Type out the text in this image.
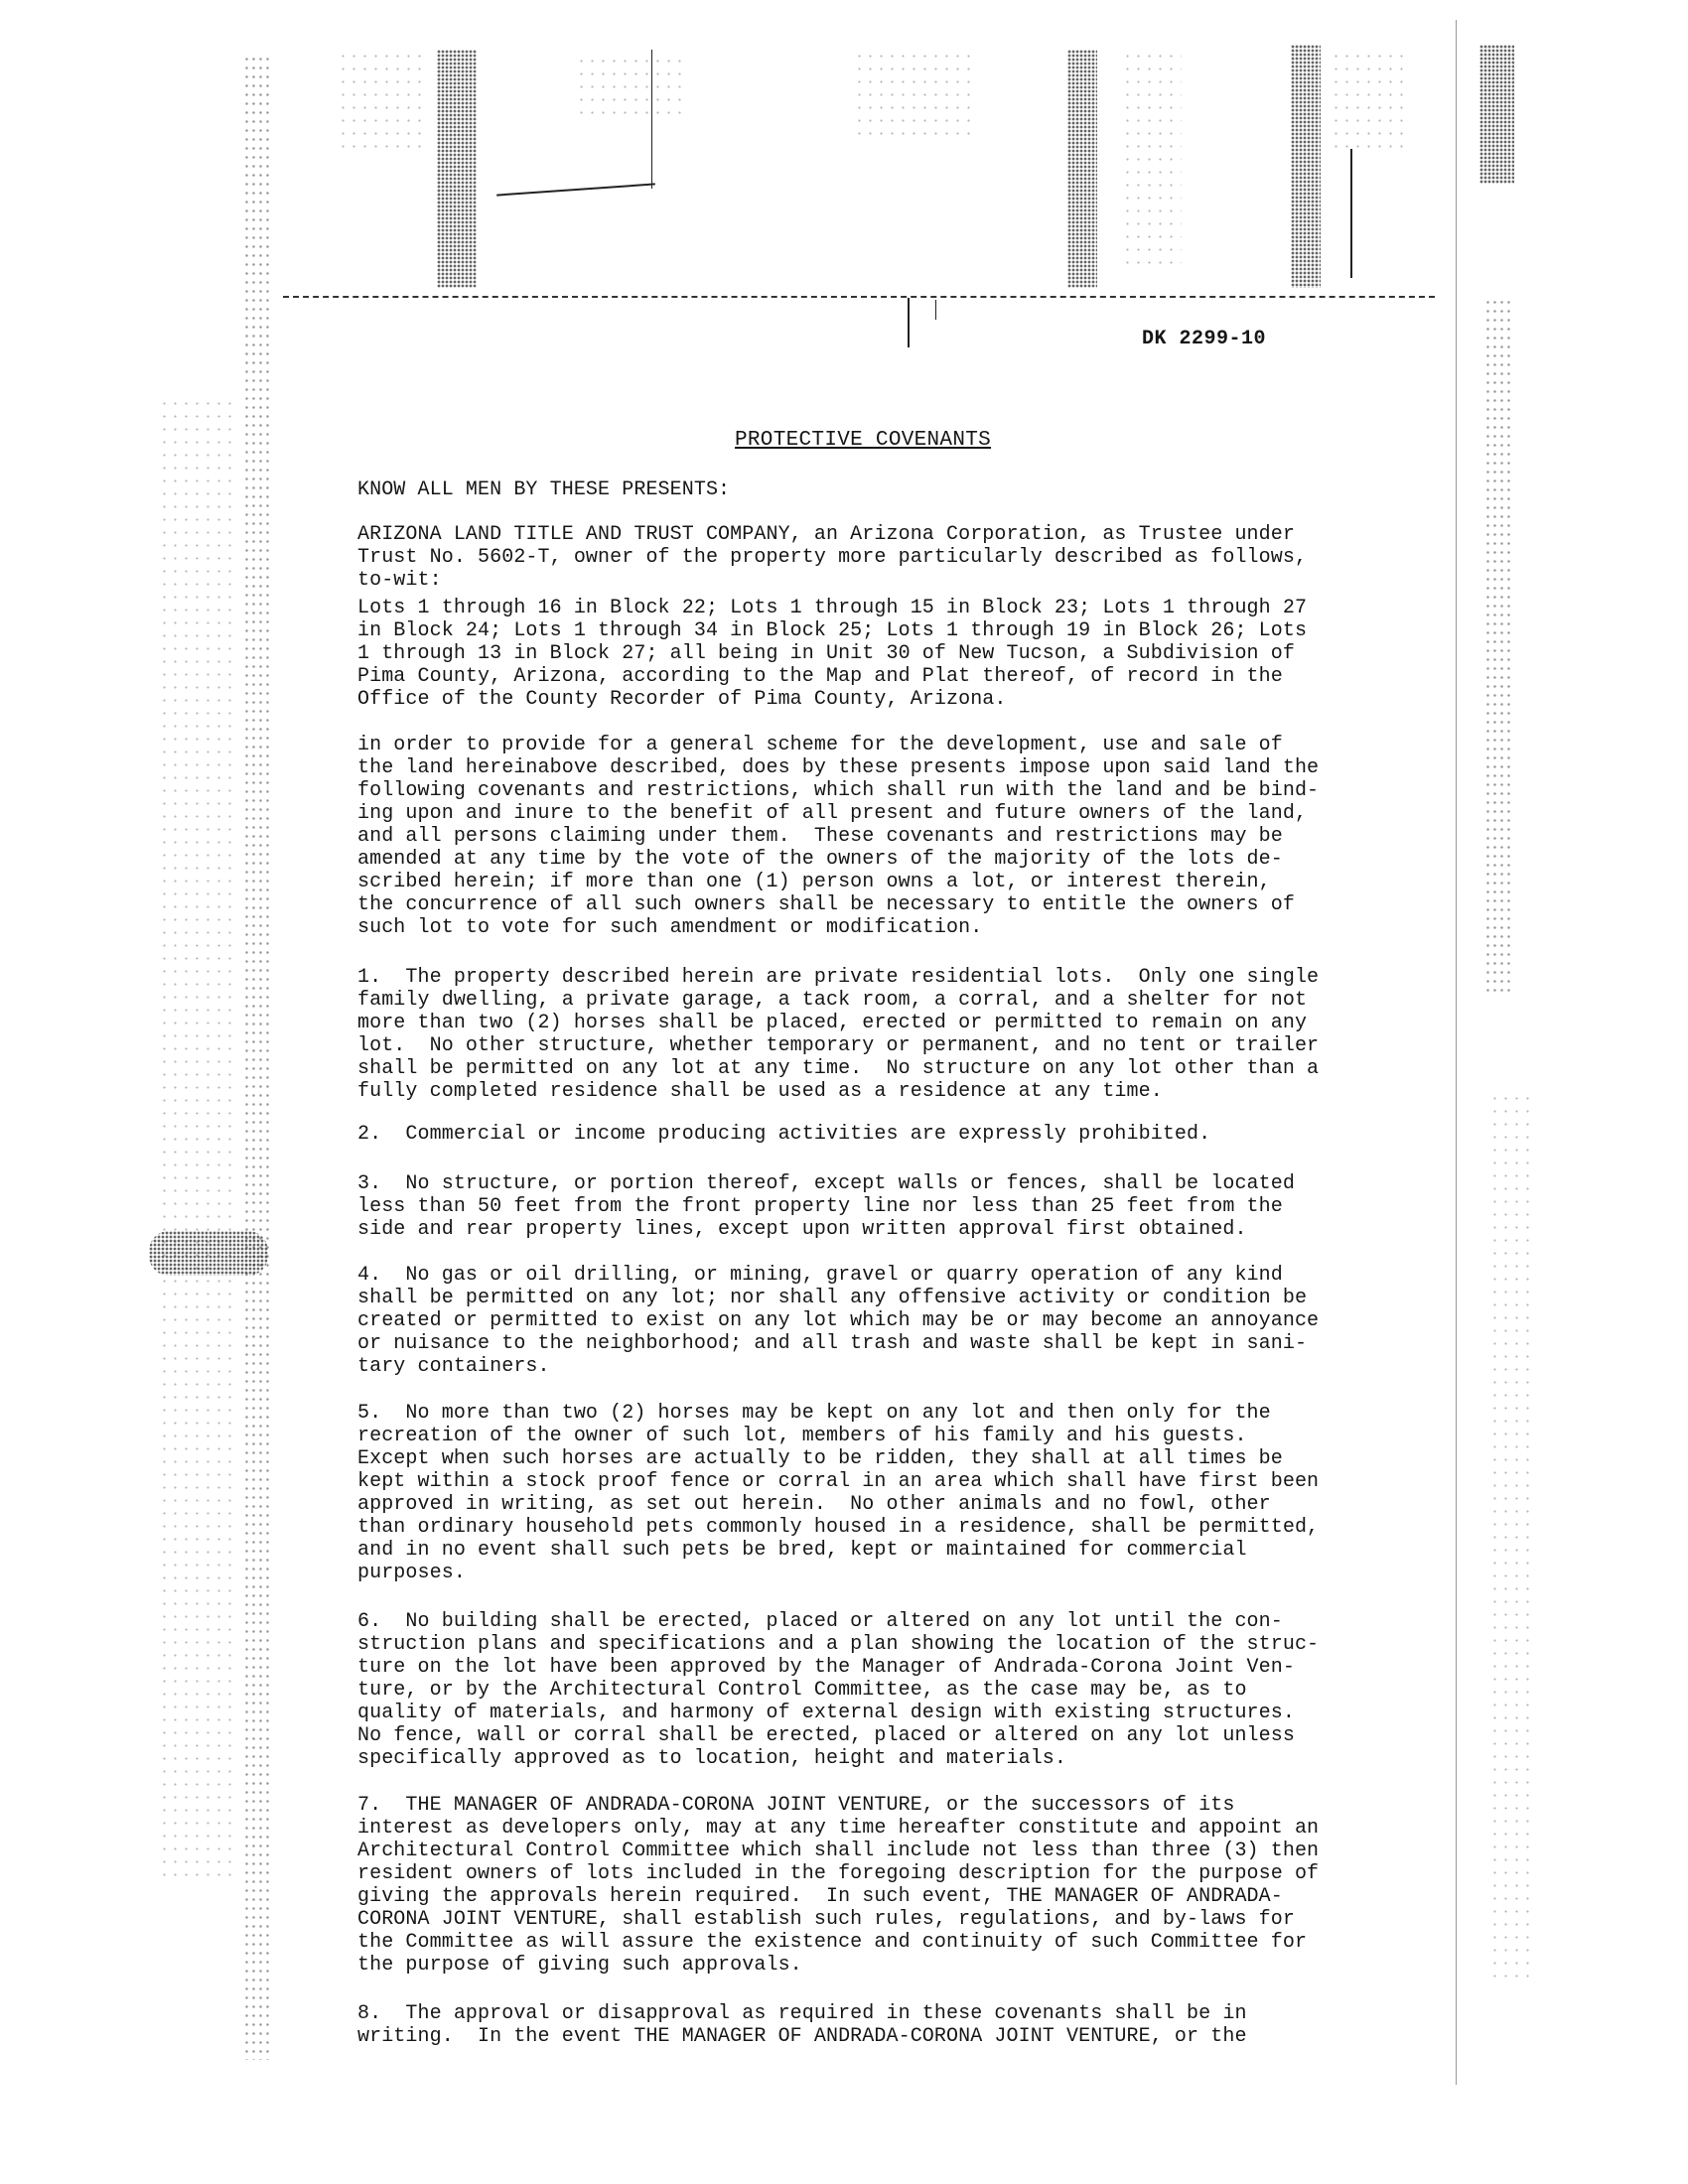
DK 2299-10
PROTECTIVE COVENANTS
KNOW ALL MEN BY THESE PRESENTS:
ARIZONA LAND TITLE AND TRUST COMPANY, an Arizona Corporation, as Trustee under
Trust No. 5602-T, owner of the property more particularly described as follows,
to-wit:
Lots 1 through 16 in Block 22; Lots 1 through 15 in Block 23; Lots 1 through 27
in Block 24; Lots 1 through 34 in Block 25; Lots 1 through 19 in Block 26; Lots
1 through 13 in Block 27; all being in Unit 30 of New Tucson, a Subdivision of
Pima County, Arizona, according to the Map and Plat thereof, of record in the
Office of the County Recorder of Pima County, Arizona.
in order to provide for a general scheme for the development, use and sale of
the land hereinabove described, does by these presents impose upon said land the
following covenants and restrictions, which shall run with the land and be bind-
ing upon and inure to the benefit of all present and future owners of the land,
and all persons claiming under them.  These covenants and restrictions may be
amended at any time by the vote of the owners of the majority of the lots de-
scribed herein; if more than one (1) person owns a lot, or interest therein,
the concurrence of all such owners shall be necessary to entitle the owners of
such lot to vote for such amendment or modification.
1.  The property described herein are private residential lots.  Only one single
family dwelling, a private garage, a tack room, a corral, and a shelter for not
more than two (2) horses shall be placed, erected or permitted to remain on any
lot.  No other structure, whether temporary or permanent, and no tent or trailer
shall be permitted on any lot at any time.  No structure on any lot other than a
fully completed residence shall be used as a residence at any time.
2.  Commercial or income producing activities are expressly prohibited.
3.  No structure, or portion thereof, except walls or fences, shall be located
less than 50 feet from the front property line nor less than 25 feet from the
side and rear property lines, except upon written approval first obtained.
4.  No gas or oil drilling, or mining, gravel or quarry operation of any kind
shall be permitted on any lot; nor shall any offensive activity or condition be
created or permitted to exist on any lot which may be or may become an annoyance
or nuisance to the neighborhood; and all trash and waste shall be kept in sani-
tary containers.
5.  No more than two (2) horses may be kept on any lot and then only for the
recreation of the owner of such lot, members of his family and his guests.
Except when such horses are actually to be ridden, they shall at all times be
kept within a stock proof fence or corral in an area which shall have first been
approved in writing, as set out herein.  No other animals and no fowl, other
than ordinary household pets commonly housed in a residence, shall be permitted,
and in no event shall such pets be bred, kept or maintained for commercial
purposes.
6.  No building shall be erected, placed or altered on any lot until the con-
struction plans and specifications and a plan showing the location of the struc-
ture on the lot have been approved by the Manager of Andrada-Corona Joint Ven-
ture, or by the Architectural Control Committee, as the case may be, as to
quality of materials, and harmony of external design with existing structures.
No fence, wall or corral shall be erected, placed or altered on any lot unless
specifically approved as to location, height and materials.
7.  THE MANAGER OF ANDRADA-CORONA JOINT VENTURE, or the successors of its
interest as developers only, may at any time hereafter constitute and appoint an
Architectural Control Committee which shall include not less than three (3) then
resident owners of lots included in the foregoing description for the purpose of
giving the approvals herein required.  In such event, THE MANAGER OF ANDRADA-
CORONA JOINT VENTURE, shall establish such rules, regulations, and by-laws for
the Committee as will assure the existence and continuity of such Committee for
the purpose of giving such approvals.
8.  The approval or disapproval as required in these covenants shall be in
writing.  In the event THE MANAGER OF ANDRADA-CORONA JOINT VENTURE, or the
